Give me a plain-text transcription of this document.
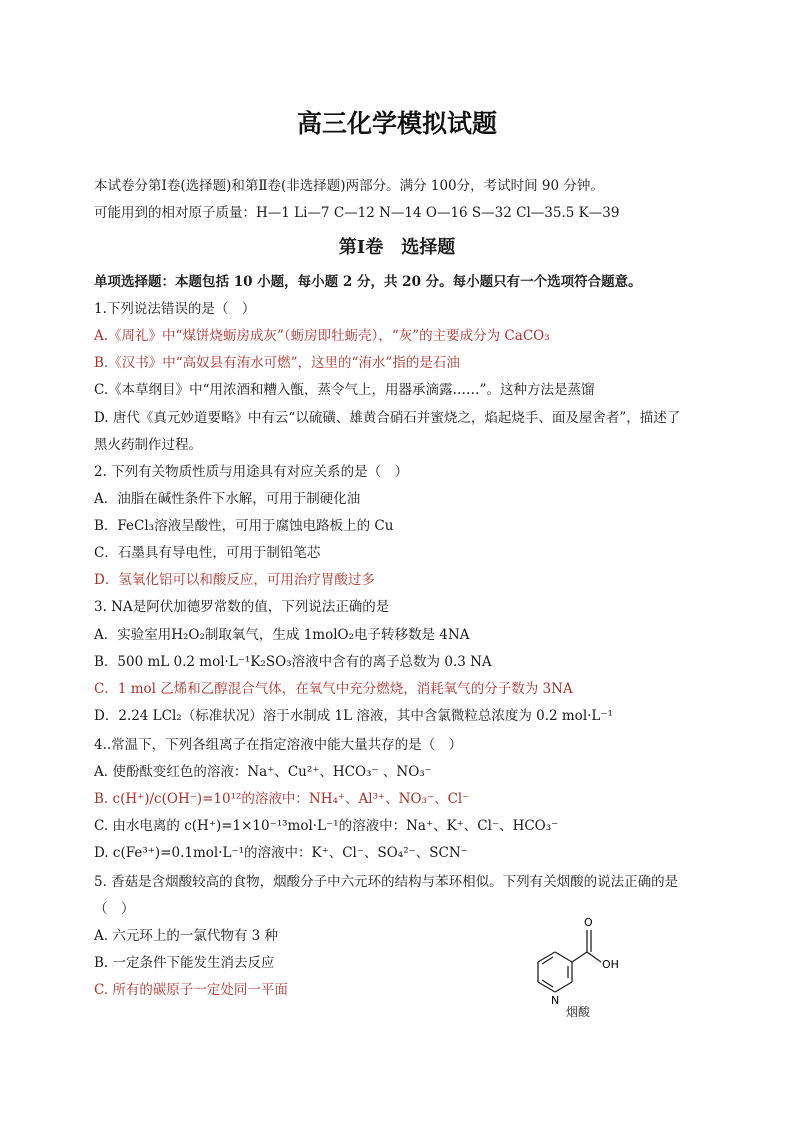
高三化学模拟试题
本试卷分第Ⅰ卷(选择题)和第Ⅱ卷(非选择题)两部分。满分 100分，考试时间 90 分钟。
可能用到的相对原子质量：H—1 Li—7 C—12 N—14 O—16 S—32 Cl—35.5 K—39
第Ⅰ卷　选择题
单项选择题：本题包括 10 小题，每小题 2 分，共 20 分。每小题只有一个选项符合题意。
1.下列说法错误的是（　）
A.《周礼》中“煤饼烧蛎房成灰”（蛎房即牡蛎壳），“灰”的主要成分为 CaCO₃
B.《汉书》中“高奴县有洧水可燃”，这里的“洧水”指的是石油
C.《本草纲目》中“用浓酒和糟入甑，蒸令气上，用器承滴露……”。这种方法是蒸馏
D. 唐代《真元妙道要略》中有云“以硫磺、雄黄合硝石并蜜烧之，焰起烧手、面及屋舍者”，描述了
黑火药制作过程。
2. 下列有关物质性质与用途具有对应关系的是（　）
A．油脂在碱性条件下水解，可用于制硬化油
B．FeCl₃溶液呈酸性，可用于腐蚀电路板上的 Cu
C．石墨具有导电性，可用于制铅笔芯
D．氢氧化铝可以和酸反应，可用治疗胃酸过多
3. NA是阿伏加德罗常数的值，下列说法正确的是
A．实验室用H₂O₂制取氧气，生成 1molO₂电子转移数是 4NA
B．500 mL 0.2 mol·L⁻¹K₂SO₃溶液中含有的离子总数为 0.3 NA
C．1 mol 乙烯和乙醇混合气体，在氧气中充分燃烧，消耗氧气的分子数为 3NA
D．2.24 LCl₂（标准状况）溶于水制成 1L 溶液，其中含氯微粒总浓度为 0.2 mol·L⁻¹
4..常温下，下列各组离子在指定溶液中能大量共存的是（　）
A. 使酚酞变红色的溶液：Na⁺、Cu²⁺、HCO₃⁻ 、NO₃⁻
B. c(H⁺)/c(OH⁻)=10¹²的溶液中：NH₄⁺、Al³⁺、NO₃⁻、Cl⁻
C. 由水电离的 c(H⁺)=1×10⁻¹³mol·L⁻¹的溶液中：Na⁺、K⁺、Cl⁻、HCO₃⁻
D. c(Fe³⁺)=0.1mol·L⁻¹的溶液中：K⁺、Cl⁻、SO₄²⁻、SCN⁻
5. 香菇是含烟酸较高的食物，烟酸分子中六元环的结构与苯环相似。下列有关烟酸的说法正确的是
（　）
A. 六元环上的一氯代物有 3 种
B. 一定条件下能发生消去反应
C. 所有的碳原子一定处同一平面
N
O
OH
烟酸
